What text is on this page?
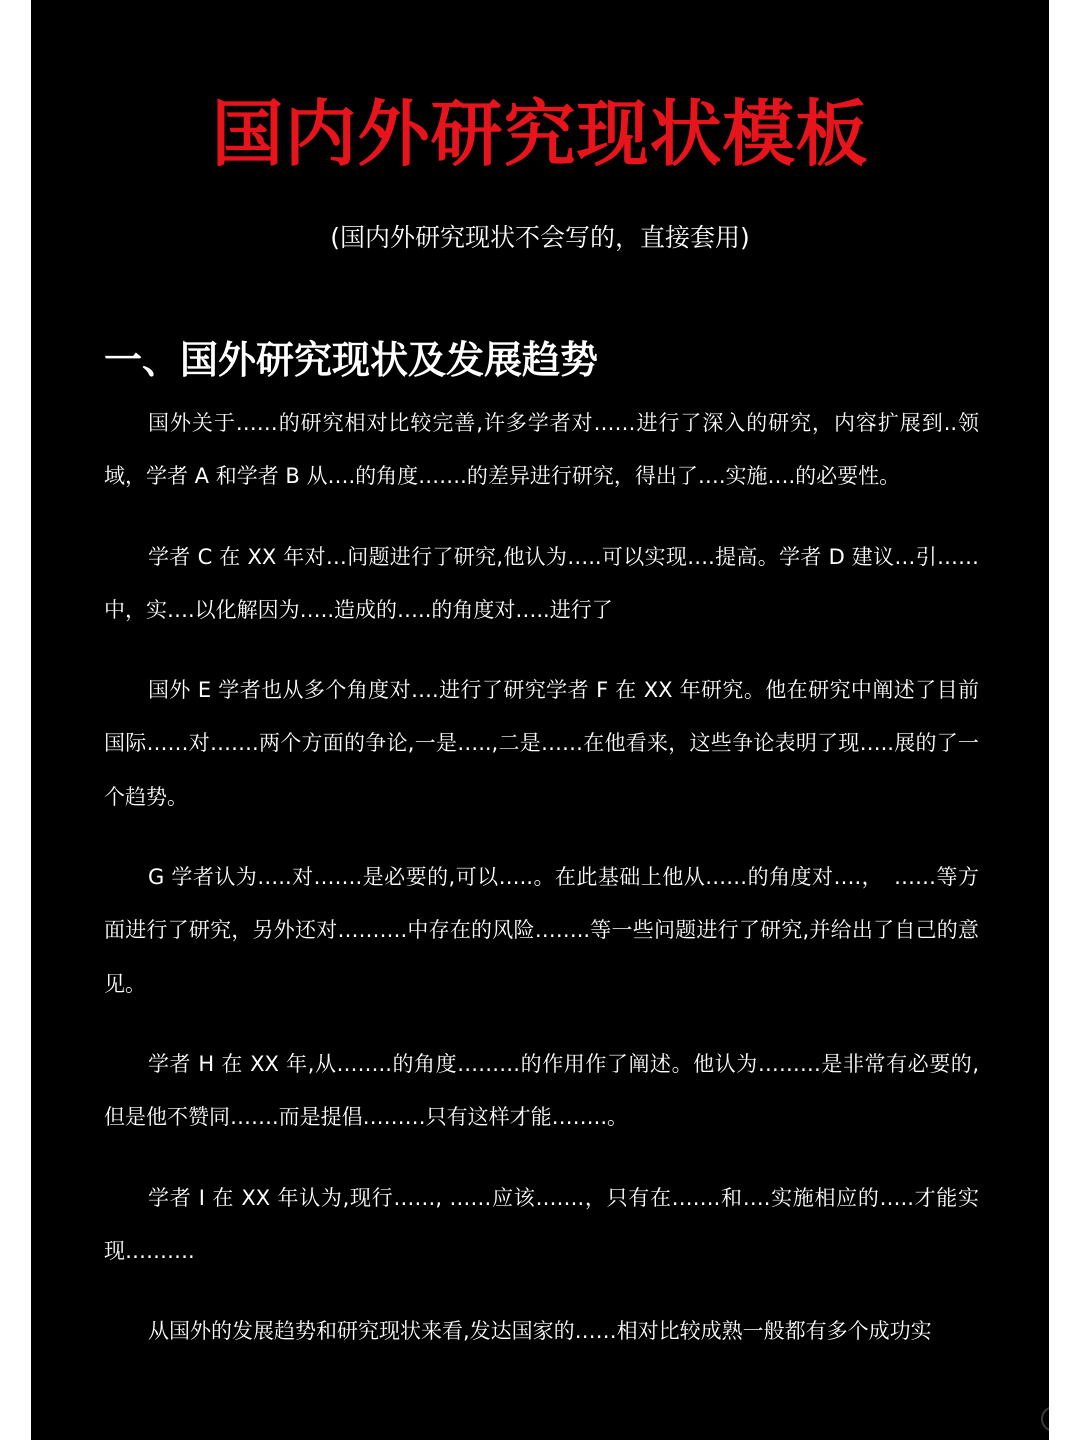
国内外研究现状模板
(国内外研究现状不会写的，直接套用)
一、国外研究现状及发展趋势

国外关于……的研究相对比较完善,许多学者对……进行了深入的研究，内容扩展到..领域，学者 A 和学者 B 从….的角度…….的差异进行研究，得出了….实施….的必要性。

学者 C 在 XX 年对…问题进行了研究,他认为…..可以实现….提高。学者 D 建议…引……中，实….以化解因为…..造成的…..的角度对…..进行了

国外 E 学者也从多个角度对….进行了研究学者 F 在 XX 年研究。他在研究中阐述了目前国际……对…….两个方面的争论,一是…..,二是……在他看来，这些争论表明了现…..展的了一个趋势。

G 学者认为…..对…….是必要的,可以…..。在此基础上他从……的角度对….，　……等方面进行了研究，另外还对……….中存在的风险……..等一些问题进行了研究,并给出了自己的意见。

学者 H 在 XX 年,从……..的角度………的作用作了阐述。他认为………是非常有必要的,但是他不赞同…….而是提倡………只有这样才能……..。

学者 I 在 XX 年认为,现行……, ……应该…….，只有在…….和….实施相应的…..才能实现……….

从国外的发展趋势和研究现状来看,发达国家的……相对比较成熟一般都有多个成功实
